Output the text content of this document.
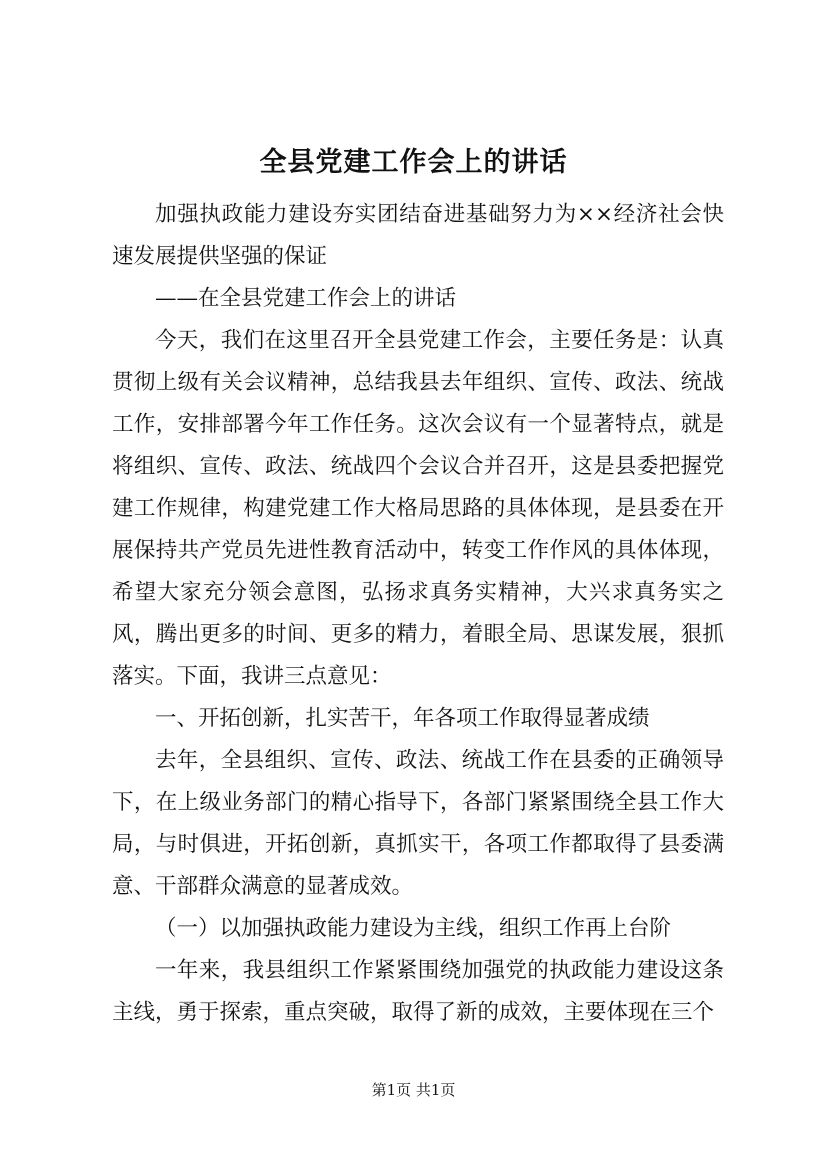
全县党建工作会上的讲话

加强执政能力建设夯实团结奋进基础努力为××经济社会快速发展提供坚强的保证

——在全县党建工作会上的讲话

今天，我们在这里召开全县党建工作会，主要任务是：认真贯彻上级有关会议精神，总结我县去年组织、宣传、政法、统战工作，安排部署今年工作任务。这次会议有一个显著特点，就是将组织、宣传、政法、统战四个会议合并召开，这是县委把握党建工作规律，构建党建工作大格局思路的具体体现，是县委在开展保持共产党员先进性教育活动中，转变工作作风的具体体现，希望大家充分领会意图，弘扬求真务实精神，大兴求真务实之风，腾出更多的时间、更多的精力，着眼全局、思谋发展，狠抓落实。下面，我讲三点意见：

一、开拓创新，扎实苦干，年各项工作取得显著成绩

去年，全县组织、宣传、政法、统战工作在县委的正确领导下，在上级业务部门的精心指导下，各部门紧紧围绕全县工作大局，与时俱进，开拓创新，真抓实干，各项工作都取得了县委满意、干部群众满意的显著成效。

（一）以加强执政能力建设为主线，组织工作再上台阶

一年来，我县组织工作紧紧围绕加强党的执政能力建设这条主线，勇于探索，重点突破，取得了新的成效，主要体现在三个

第1页 共1页
